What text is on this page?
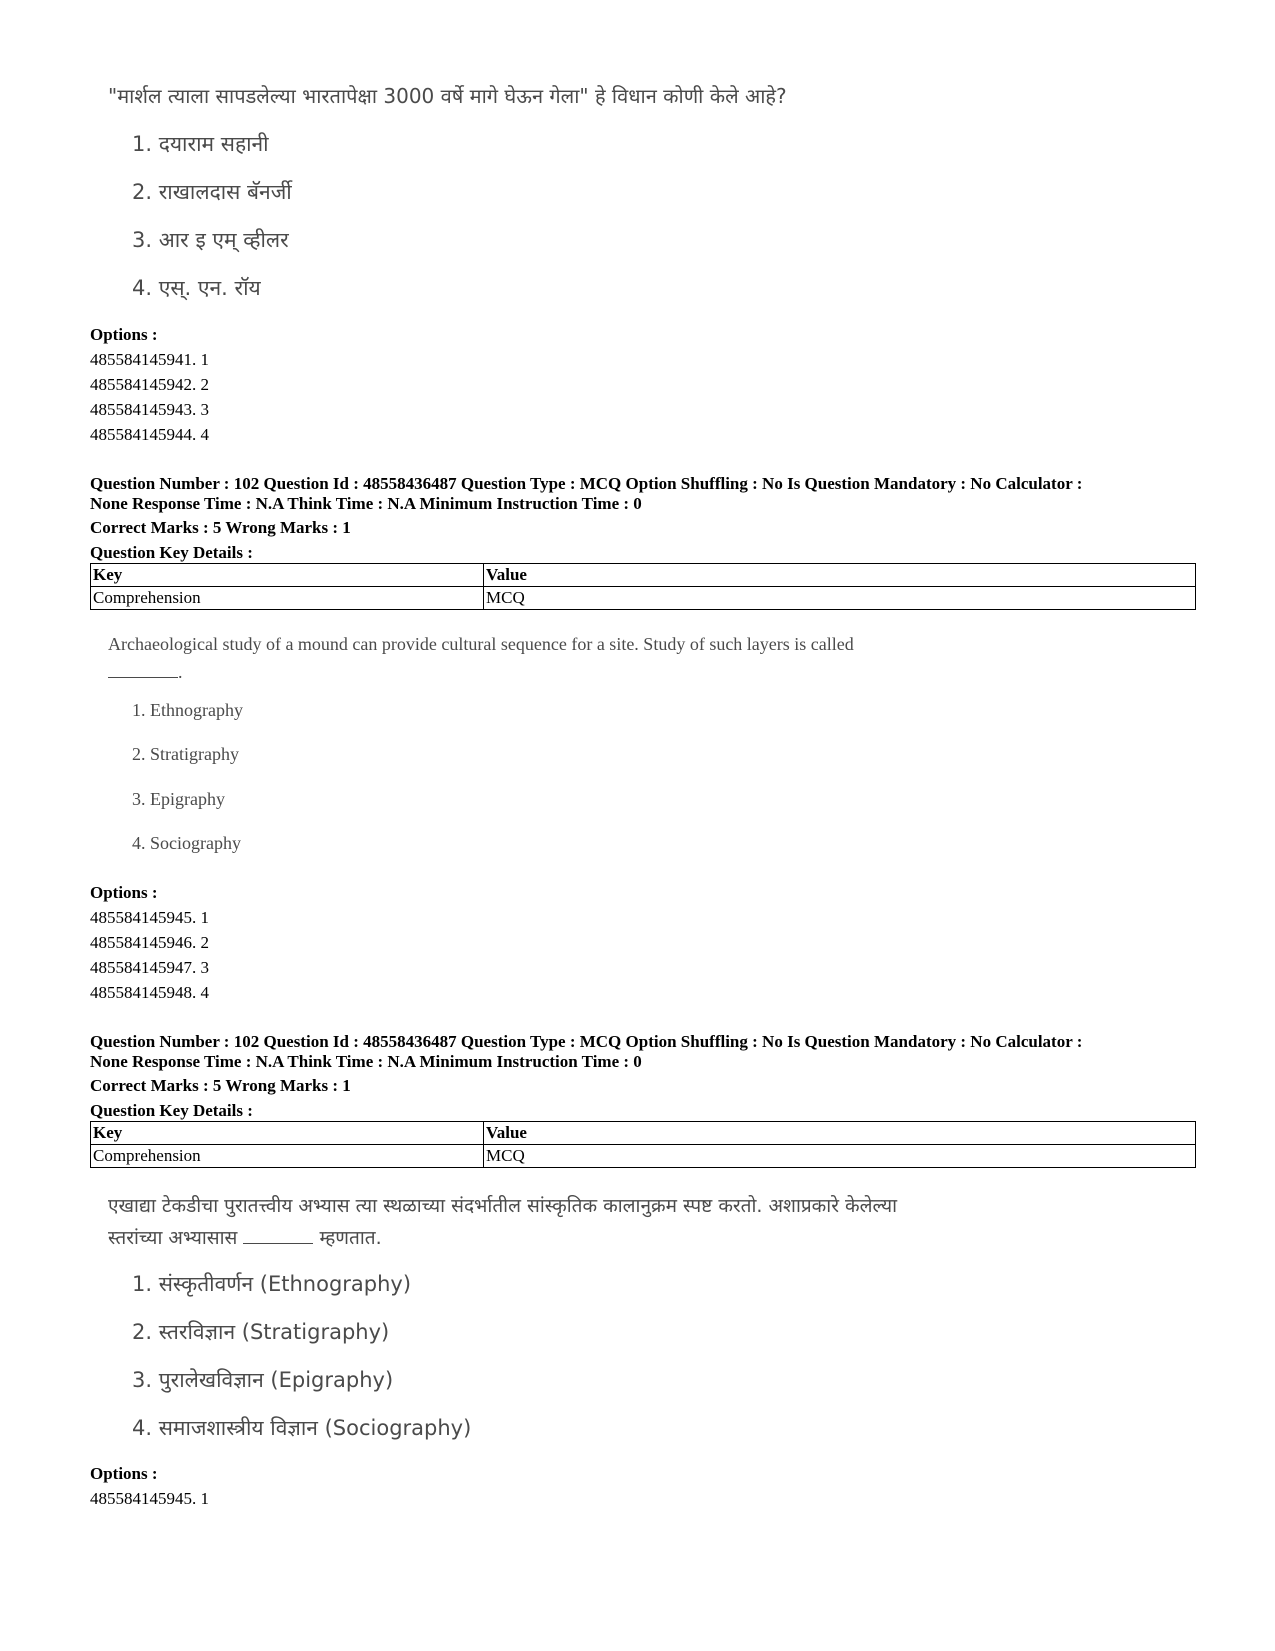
"मार्शल त्याला सापडलेल्या भारतापेक्षा 3000 वर्षे मागे घेऊन गेला" हे विधान कोणी केले आहे?

1. दयाराम सहानी

2. राखालदास बॅनर्जी

3. आर इ एम् व्हीलर

4. एस्. एन. रॉय

Options :
485584145941. 1
485584145942. 2
485584145943. 3
485584145944. 4

Question Number : 102 Question Id : 48558436487 Question Type : MCQ Option Shuffling : No Is Question Mandatory : No Calculator :

None Response Time : N.A Think Time : N.A Minimum Instruction Time : 0

Correct Marks : 5 Wrong Marks : 1

Question Key Details :

Key	Value
Comprehension	MCQ

Archaeological study of a mound can provide cultural sequence for a site. Study of such layers is called

.

1. Ethnography

2. Stratigraphy

3. Epigraphy

4. Sociography

Options :
485584145945. 1
485584145946. 2
485584145947. 3
485584145948. 4

Question Number : 102 Question Id : 48558436487 Question Type : MCQ Option Shuffling : No Is Question Mandatory : No Calculator :

None Response Time : N.A Think Time : N.A Minimum Instruction Time : 0

Correct Marks : 5 Wrong Marks : 1

Question Key Details :

Key	Value
Comprehension	MCQ

एखाद्या टेकडीचा पुरातत्त्वीय अभ्यास त्या स्थळाच्या संदर्भातील सांस्कृतिक कालानुक्रम स्पष्ट करतो. अशाप्रकारे केलेल्या

स्तरांच्या अभ्यासास	म्हणतात.

1. संस्कृतीवर्णन (Ethnography)

2. स्तरविज्ञान (Stratigraphy)

3. पुरालेखविज्ञान (Epigraphy)

4. समाजशास्त्रीय विज्ञान (Sociography)

Options :
485584145945. 1
